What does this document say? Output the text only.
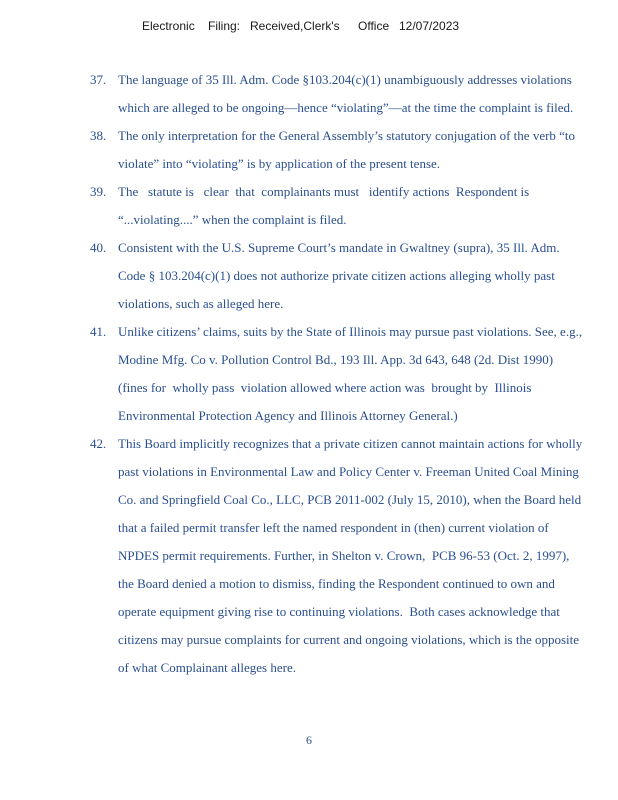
Electronic Filing: Received,Clerk's Office 12/07/2023
37. The language of 35 Ill. Adm. Code §103.204(c)(1) unambiguously addresses violations
which are alleged to be ongoing—hence “violating”—at the time the complaint is filed.
38. The only interpretation for the General Assembly’s statutory conjugation of the verb “to
violate” into “violating” is by application of the present tense.
39. The   statute is   clear  that  complainants must   identify actions  Respondent is
“...violating....” when the complaint is filed.
40. Consistent with the U.S. Supreme Court’s mandate in Gwaltney (supra), 35 Ill. Adm.
Code § 103.204(c)(1) does not authorize private citizen actions alleging wholly past
violations, such as alleged here.
41. Unlike citizens’ claims, suits by the State of Illinois may pursue past violations. See, e.g.,
Modine Mfg. Co v. Pollution Control Bd., 193 Ill. App. 3d 643, 648 (2d. Dist 1990)
(fines for  wholly pass  violation allowed where action was  brought by  Illinois
Environmental Protection Agency and Illinois Attorney General.)
42. This Board implicitly recognizes that a private citizen cannot maintain actions for wholly
past violations in Environmental Law and Policy Center v. Freeman United Coal Mining
Co. and Springfield Coal Co., LLC, PCB 2011-002 (July 15, 2010), when the Board held
that a failed permit transfer left the named respondent in (then) current violation of
NPDES permit requirements. Further, in Shelton v. Crown,  PCB 96-53 (Oct. 2, 1997),
the Board denied a motion to dismiss, finding the Respondent continued to own and
operate equipment giving rise to continuing violations.  Both cases acknowledge that
citizens may pursue complaints for current and ongoing violations, which is the opposite
of what Complainant alleges here.
6
